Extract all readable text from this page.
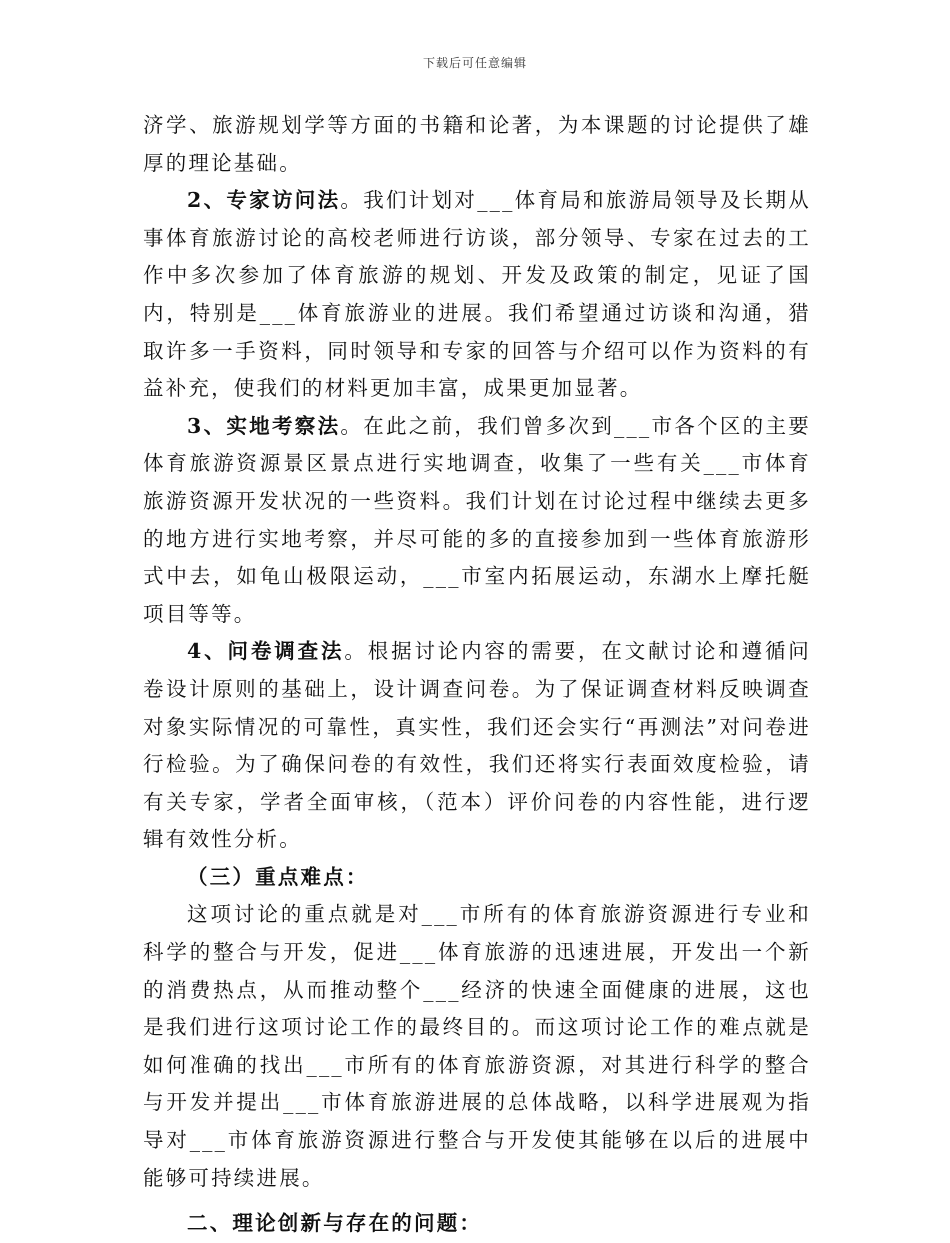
下载后可任意编辑

济学、旅游规划学等方面的书籍和论著，为本课题的讨论提供了雄厚的理论基础。

2、专家访问法。我们计划对___体育局和旅游局领导及长期从事体育旅游讨论的高校老师进行访谈，部分领导、专家在过去的工作中多次参加了体育旅游的规划、开发及政策的制定，见证了国内，特别是___体育旅游业的进展。我们希望通过访谈和沟通，猎取许多一手资料，同时领导和专家的回答与介绍可以作为资料的有益补充，使我们的材料更加丰富，成果更加显著。

3、实地考察法。在此之前，我们曾多次到___市各个区的主要体育旅游资源景区景点进行实地调查，收集了一些有关___市体育旅游资源开发状况的一些资料。我们计划在讨论过程中继续去更多的地方进行实地考察，并尽可能的多的直接参加到一些体育旅游形式中去，如龟山极限运动，___市室内拓展运动，东湖水上摩托艇项目等等。

4、问卷调查法。根据讨论内容的需要，在文献讨论和遵循问卷设计原则的基础上，设计调查问卷。为了保证调查材料反映调查对象实际情况的可靠性，真实性，我们还会实行“再测法”对问卷进行检验。为了确保问卷的有效性，我们还将实行表面效度检验，请有关专家，学者全面审核，（范本）评价问卷的内容性能，进行逻辑有效性分析。

（三）重点难点：

这项讨论的重点就是对___市所有的体育旅游资源进行专业和科学的整合与开发，促进___体育旅游的迅速进展，开发出一个新的消费热点，从而推动整个___经济的快速全面健康的进展，这也是我们进行这项讨论工作的最终目的。而这项讨论工作的难点就是如何准确的找出___市所有的体育旅游资源，对其进行科学的整合与开发并提出___市体育旅游进展的总体战略，以科学进展观为指导对___市体育旅游资源进行整合与开发使其能够在以后的进展中能够可持续进展。

二、理论创新与存在的问题：
